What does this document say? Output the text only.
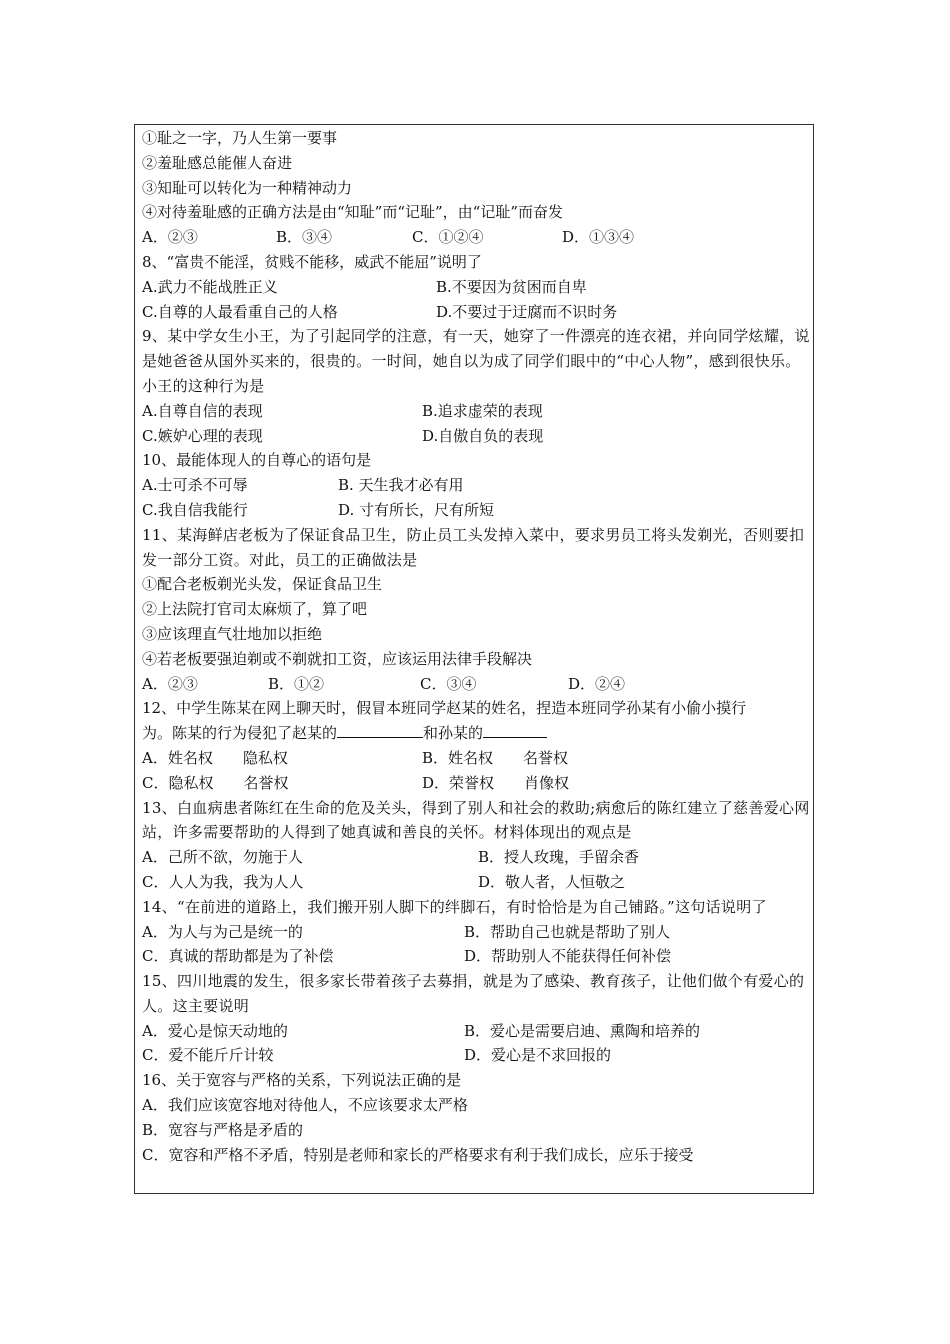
①耻之一字，乃人生第一要事
②羞耻感总能催人奋进
③知耻可以转化为一种精神动力
④对待羞耻感的正确方法是由“知耻”而“记耻”，由“记耻”而奋发
A．②③	B．③④	C．①②④	D．①③④
8、“富贵不能淫，贫贱不能移，威武不能屈”说明了
A.武力不能战胜正义	B.不要因为贫困而自卑
C.自尊的人最看重自己的人格	D.不要过于迂腐而不识时务
9、某中学女生小王，为了引起同学的注意，有一天，她穿了一件漂亮的连衣裙，并向同学炫耀，说是她爸爸从国外买来的，很贵的。一时间，她自以为成了同学们眼中的“中心人物”，感到很快乐。小王的这种行为是
A.自尊自信的表现	B.追求虚荣的表现
C.嫉妒心理的表现	D.自傲自负的表现
10、最能体现人的自尊心的语句是
A.士可杀不可辱	B. 天生我才必有用
C.我自信我能行	D. 寸有所长，尺有所短
11、某海鲜店老板为了保证食品卫生，防止员工头发掉入菜中，要求男员工将头发剃光，否则要扣发一部分工资。对此，员工的正确做法是
①配合老板剃光头发，保证食品卫生
②上法院打官司太麻烦了，算了吧
③应该理直气壮地加以拒绝
④若老板要强迫剃或不剃就扣工资，应该运用法律手段解决
A．②③	B．①②	C．③④	D．②④
12、中学生陈某在网上聊天时，假冒本班同学赵某的姓名，捏造本班同学孙某有小偷小摸行
为。陈某的行为侵犯了赵某的	和孙某的
A．姓名权　　隐私权	B．姓名权　　名誉权
C．隐私权　　名誉权	D．荣誉权　　肖像权
13、白血病患者陈红在生命的危及关头，得到了别人和社会的救助;病愈后的陈红建立了慈善爱心网站，许多需要帮助的人得到了她真诚和善良的关怀。材料体现出的观点是
A．己所不欲，勿施于人	B．授人玫瑰，手留余香
C．人人为我，我为人人	D．敬人者，人恒敬之
14、“在前进的道路上，我们搬开别人脚下的绊脚石，有时恰恰是为自己铺路。”这句话说明了
A．为人与为己是统一的	B．帮助自己也就是帮助了别人
C．真诚的帮助都是为了补偿	D．帮助别人不能获得任何补偿
15、四川地震的发生，很多家长带着孩子去募捐，就是为了感染、教育孩子，让他们做个有爱心的人。这主要说明
A．爱心是惊天动地的	B．爱心是需要启迪、熏陶和培养的
C．爱不能斤斤计较	D．爱心是不求回报的
16、关于宽容与严格的关系，下列说法正确的是
A．我们应该宽容地对待他人，不应该要求太严格
B．宽容与严格是矛盾的
C．宽容和严格不矛盾，特别是老师和家长的严格要求有利于我们成长，应乐于接受
